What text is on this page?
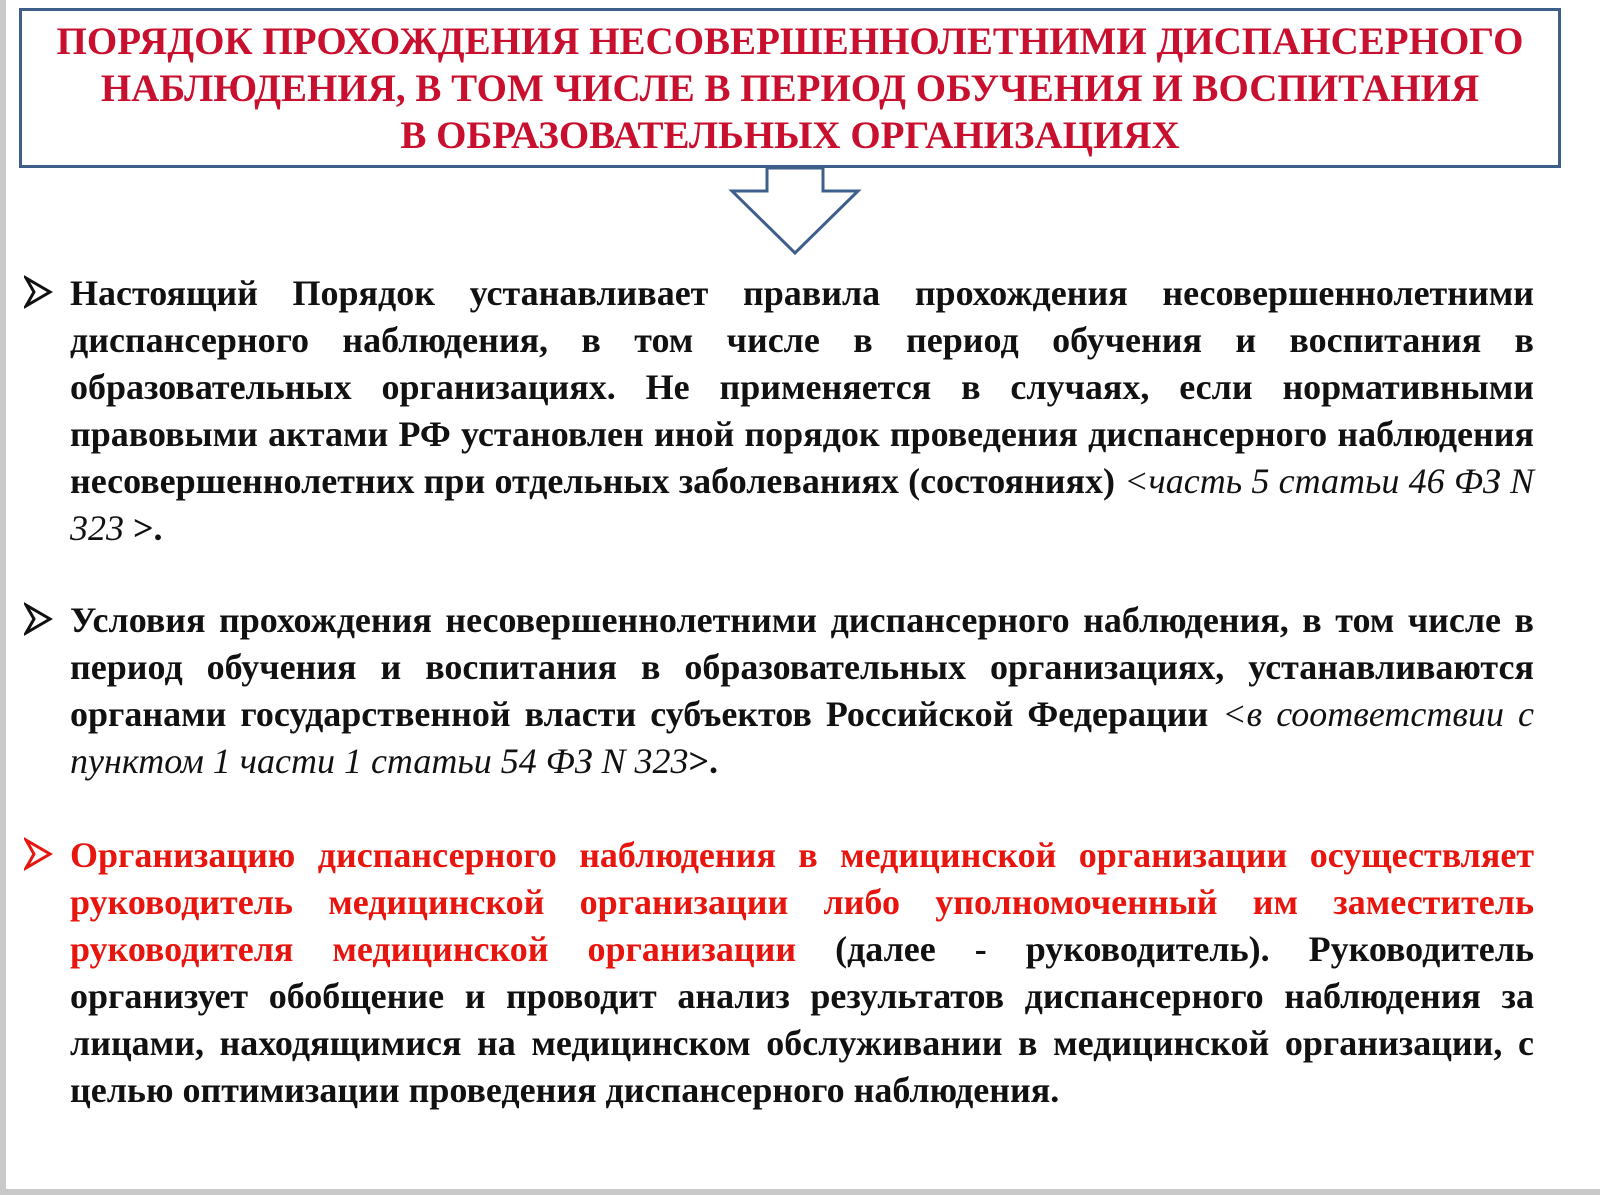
ПОРЯДОК ПРОХОЖДЕНИЯ НЕСОВЕРШЕННОЛЕТНИМИ ДИСПАНСЕРНОГО
НАБЛЮДЕНИЯ, В ТОМ ЧИСЛЕ В ПЕРИОД ОБУЧЕНИЯ И ВОСПИТАНИЯ
В ОБРАЗОВАТЕЛЬНЫХ ОРГАНИЗАЦИЯХ
Настоящий Порядок устанавливает правила прохождения несовершеннолетними диспансерного наблюдения, в том числе в период обучения и воспитания в образовательных организациях. Не применяется в случаях, если нормативными правовыми актами РФ установлен иной порядок проведения диспансерного наблюдения несовершеннолетних при отдельных заболеваниях (состояниях) <часть 5 статьи 46 ФЗ N 323 >.
Условия прохождения несовершеннолетними диспансерного наблюдения, в том числе в период обучения и воспитания в образовательных организациях, устанавливаются органами государственной власти субъектов Российской Федерации <в соответствии с пунктом 1 части 1 статьи 54 ФЗ N 323>.
Организацию диспансерного наблюдения в медицинской организации осуществляет руководитель медицинской организации либо уполномоченный им заместитель руководителя медицинской организации (далее - руководитель). Руководитель организует обобщение и проводит анализ результатов диспансерного наблюдения за лицами, находящимися на медицинском обслуживании в медицинской организации, с целью оптимизации проведения диспансерного наблюдения.
